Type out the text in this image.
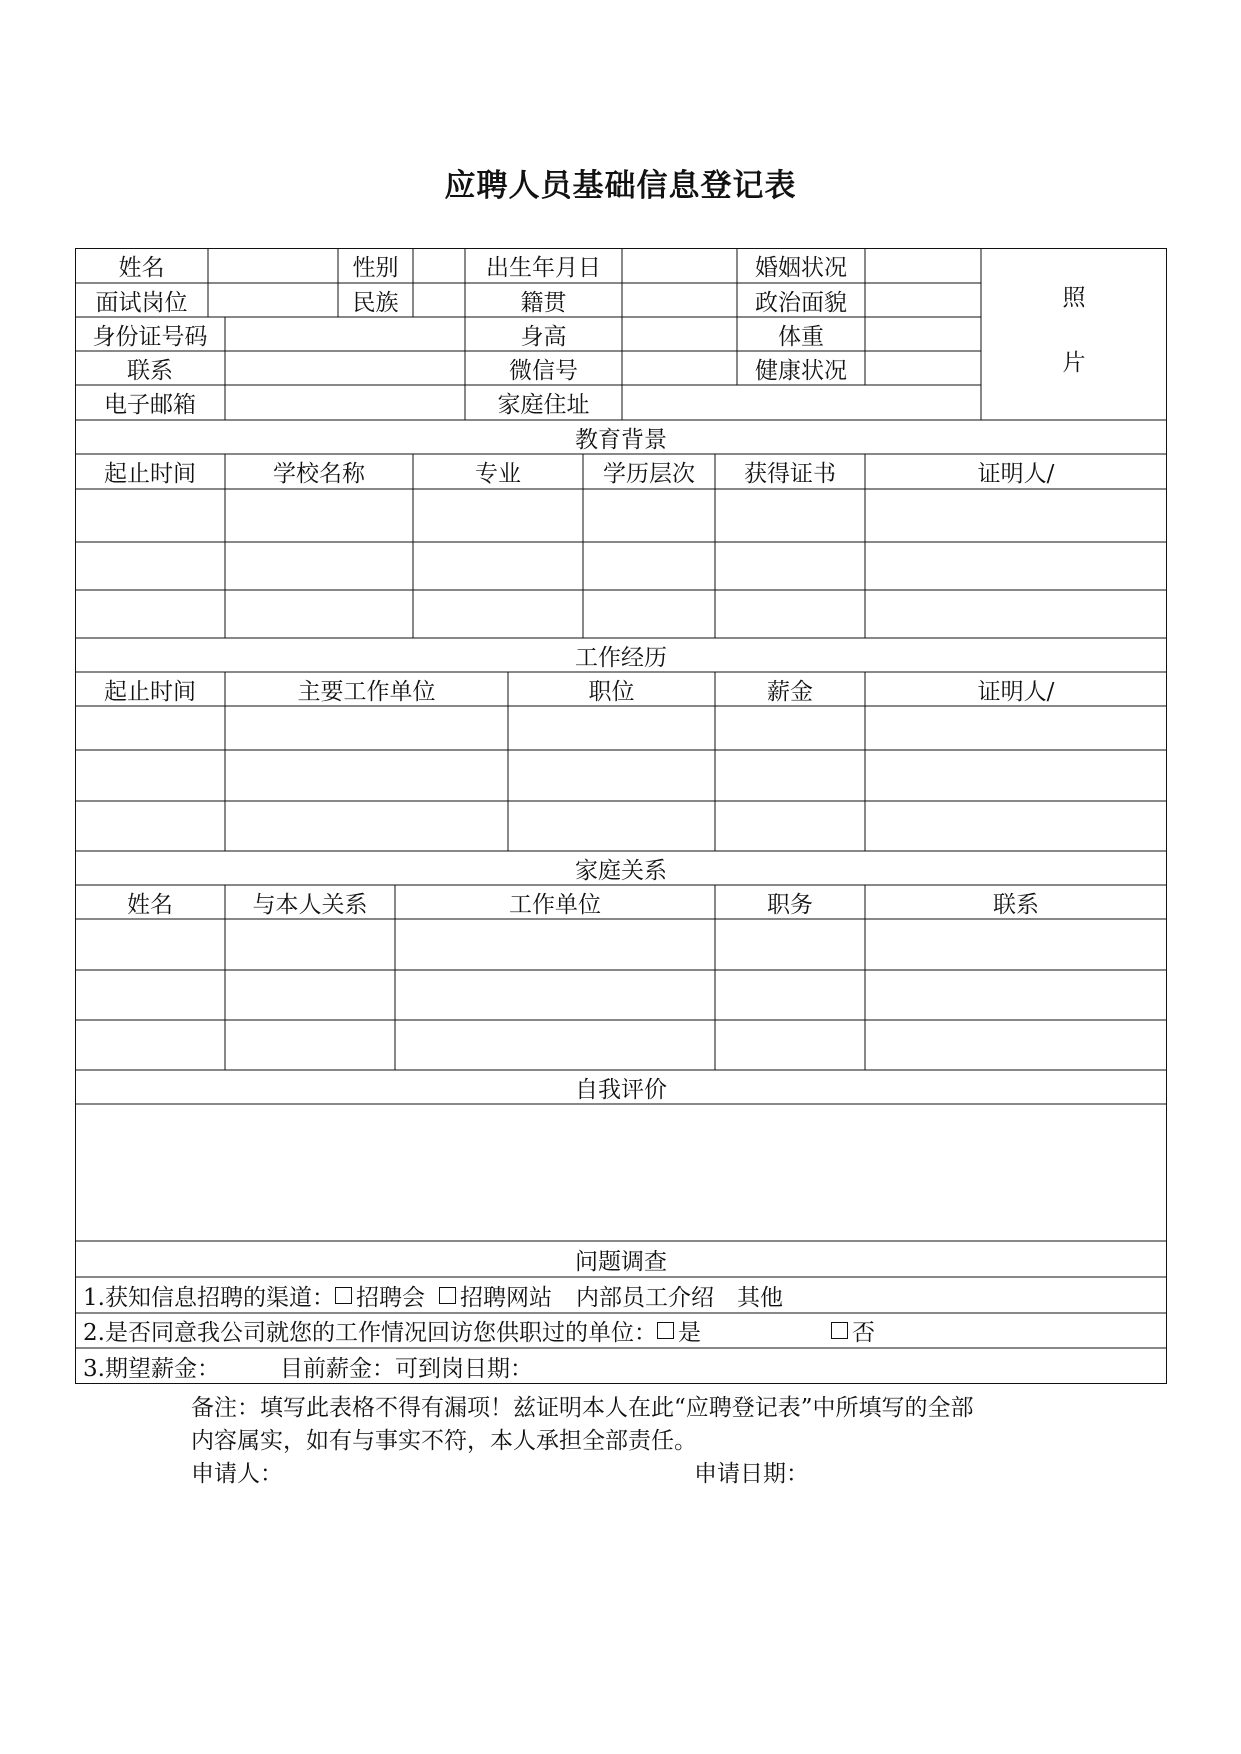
应聘人员基础信息登记表
姓名	性别	出生年月日	婚姻状况
面试岗位	民族	籍贯	政治面貌
身份证号码	身高	体重
联系	微信号	健康状况
电子邮箱	家庭住址
照
片
教育背景
起止时间	学校名称	专业	学历层次	获得证书	证明人/
工作经历
起止时间	主要工作单位	职位	薪金	证明人/
家庭关系
姓名	与本人关系	工作单位	职务	联系
自我评价
问题调查
1.获知信息招聘的渠道： 招聘会 招聘网站 内部员工介绍　其他
2.是否同意我公司就您的工作情况回访您供职过的单位： 是	否
3.期望薪金：	目前薪金： 可到岗日期：
备注：填写此表格不得有漏项！兹证明本人在此“应聘登记表”中所填写的全部
内容属实，如有与事实不符，本人承担全部责任。
申请人：	申请日期：
